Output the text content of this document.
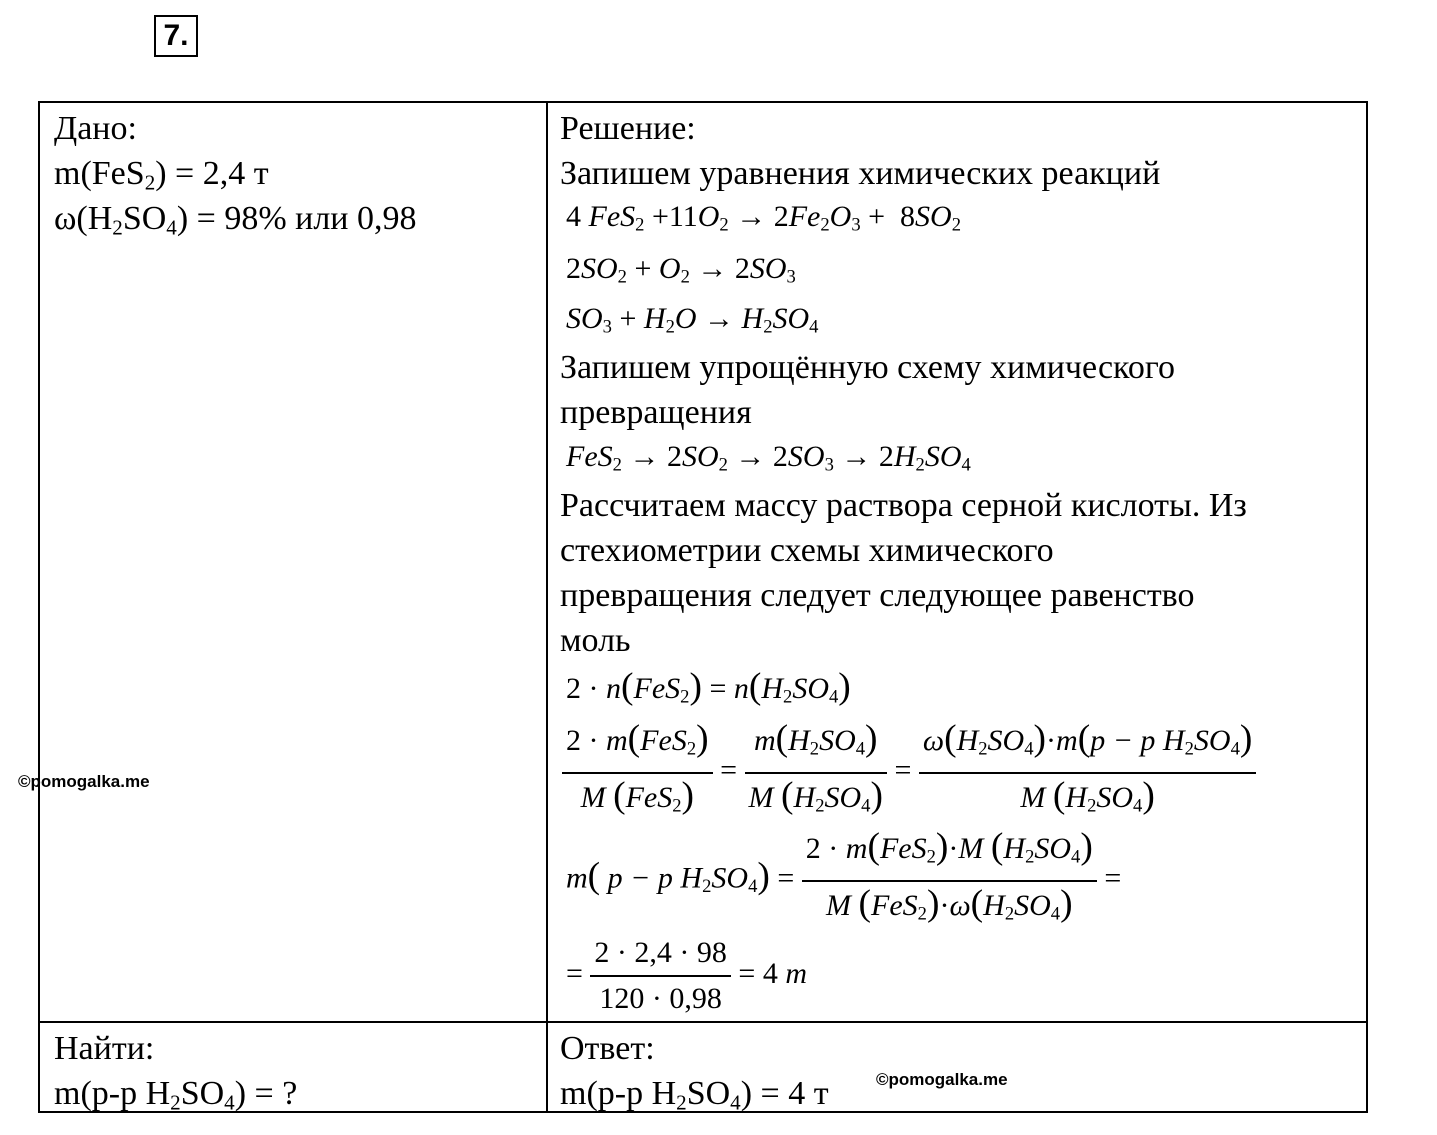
7.
©pomogalka.me
Дано:
m(FeS$_2$) = 2,4 т
$\omega(H_2SO_4) = 98\%$ или 0,98
Найти:
m(р-р $H_2SO_4$) = ?
Решение:
Запишем уравнения химических реакций
4 $FeS_2 +11O_2 \to 2Fe_2O_3 + 8SO_2$
$2SO_2 + O_2 \to 2SO_3$
$SO_3 + H_2O \to H_2SO_4$
Запишем упрощённую схему химического
превращения
$FeS_2 \to 2SO_2 \to 2SO_3 \to 2H_2SO_4$
Рассчитаем массу раствора серной кислоты. Из
стехиометрии схемы химического
превращения следует следующее равенство
моль
$2 \cdot n(FeS_2) = n(H_2SO_4)$
$\frac{2 \cdot m(FeS_2)}{M (FeS_2)} = \frac{m(H_2SO_4)}{M (H_2SO_4)} = \frac{\omega(H_2SO_4)\cdot m(p - p H_2SO_4)}{M (H_2SO_4)}$
m( p − p $H_2SO_4) = \frac{2 \cdot m(FeS_2)\cdot M (H_2SO_4)}{M (FeS_2)\cdot\omega(H_2SO_4)}$ =
= $\frac{2 \cdot 2,4 \cdot 98}{120 \cdot 0,98} = 4$ m
Ответ:
m(р-р $H_2SO_4) = 4$ т	©pomogalka.me
